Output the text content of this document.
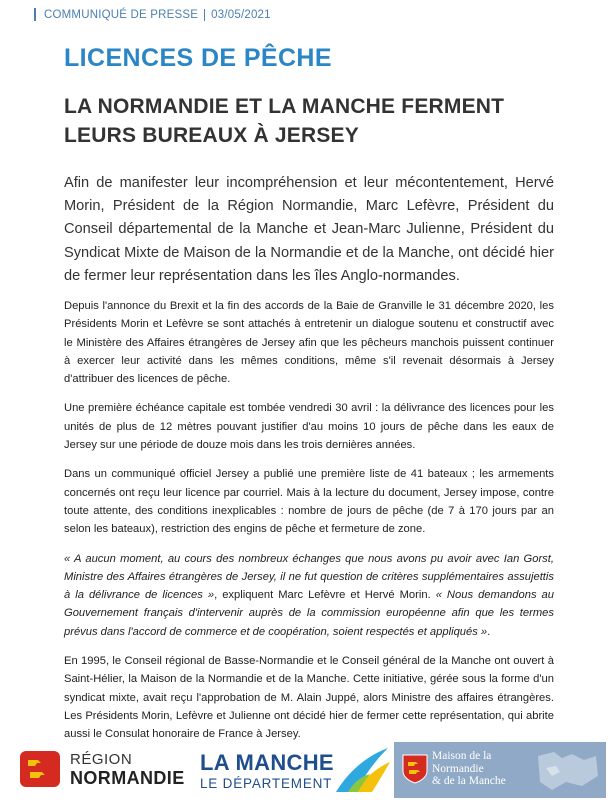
COMMUNIQUÉ DE PRESSE 03/05/2021
LICENCES DE PÊCHE
LA NORMANDIE ET LA MANCHE FERMENT LEURS BUREAUX À JERSEY

Afin de manifester leur incompréhension et leur mécontentement, Hervé Morin, Président de la Région Normandie, Marc Lefèvre, Président du Conseil départemental de la Manche et Jean-Marc Julienne, Président du Syndicat Mixte de Maison de la Normandie et de la Manche, ont décidé hier de fermer leur représentation dans les îles Anglo-normandes.

Depuis l'annonce du Brexit et la fin des accords de la Baie de Granville le 31 décembre 2020, les Présidents Morin et Lefèvre se sont attachés à entretenir un dialogue soutenu et constructif avec le Ministère des Affaires étrangères de Jersey afin que les pêcheurs manchois puissent continuer à exercer leur activité dans les mêmes conditions, même s'il revenait désormais à Jersey d'attribuer des licences de pêche.

Une première échéance capitale est tombée vendredi 30 avril : la délivrance des licences pour les unités de plus de 12 mètres pouvant justifier d'au moins 10 jours de pêche dans les eaux de Jersey sur une période de douze mois dans les trois dernières années.

Dans un communiqué officiel Jersey a publié une première liste de 41 bateaux ; les armements concernés ont reçu leur licence par courriel. Mais à la lecture du document, Jersey impose, contre toute attente, des conditions inexplicables : nombre de jours de pêche (de 7 à 170 jours par an selon les bateaux), restriction des engins de pêche et fermeture de zone.

« A aucun moment, au cours des nombreux échanges que nous avons pu avoir avec Ian Gorst, Ministre des Affaires étrangères de Jersey, il ne fut question de critères supplémentaires assujettis à la délivrance de licences », expliquent Marc Lefèvre et Hervé Morin. « Nous demandons au Gouvernement français d'intervenir auprès de la commission européenne afin que les termes prévus dans l'accord de commerce et de coopération, soient respectés et appliqués ».

En 1995, le Conseil régional de Basse-Normandie et le Conseil général de la Manche ont ouvert à Saint-Hélier, la Maison de la Normandie et de la Manche. Cette initiative, gérée sous la forme d'un syndicat mixte, avait reçu l'approbation de M. Alain Juppé, alors Ministre des affaires étrangères. Les Présidents Morin, Lefèvre et Julienne ont décidé hier de fermer cette représentation, qui abrite aussi le Consulat honoraire de France à Jersey.

RÉGION
NORMANDIE
LA MANCHE
LE DÉPARTEMENT
Maison de la
Normandie
& de la Manche
